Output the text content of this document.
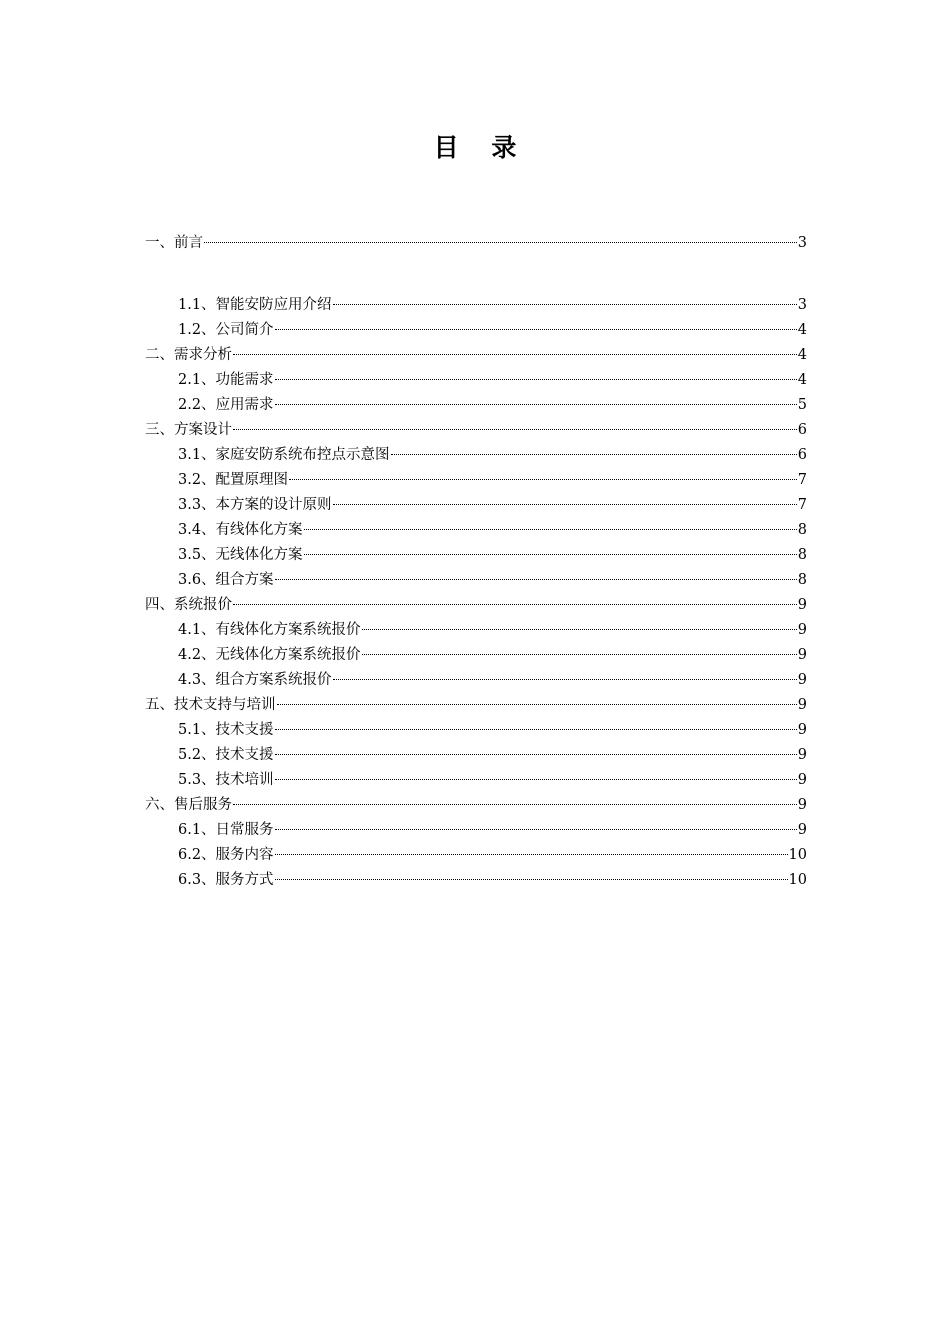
目 录
一、前言	3
1.1、智能安防应用介绍	3
1.2、公司简介	4
二、需求分析	4
2.1、功能需求	4
2.2、应用需求	5
三、方案设计	6
3.1、家庭安防系统布控点示意图	6
3.2、配置原理图	7
3.3、本方案的设计原则	7
3.4、有线体化方案	8
3.5、无线体化方案	8
3.6、组合方案	8
四、系统报价	9
4.1、有线体化方案系统报价	9
4.2、无线体化方案系统报价	9
4.3、组合方案系统报价	9
五、技术支持与培训	9
5.1、技术支援	9
5.2、技术支援	9
5.3、技术培训	9
六、售后服务	9
6.1、日常服务	9
6.2、服务内容	10
6.3、服务方式	10
